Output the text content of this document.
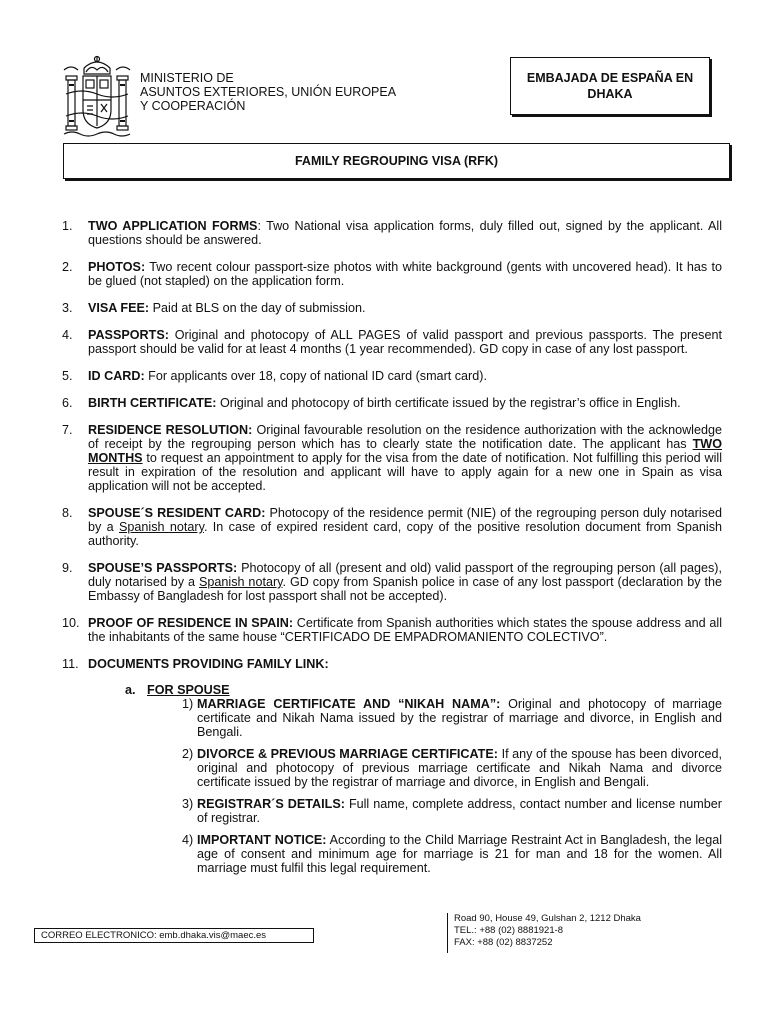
MINISTERIO DE
ASUNTOS EXTERIORES, UNIÓN EUROPEA
Y COOPERACIÓN
EMBAJADA DE ESPAÑA EN
DHAKA
FAMILY REGROUPING VISA (RFK)
1. TWO APPLICATION FORMS: Two National visa application forms, duly filled out, signed by the applicant. All questions should be answered.
2. PHOTOS: Two recent colour passport-size photos with white background (gents with uncovered head). It has to be glued (not stapled) on the application form.
3. VISA FEE: Paid at BLS on the day of submission.
4. PASSPORTS: Original and photocopy of ALL PAGES of valid passport and previous passports. The present passport should be valid for at least 4 months (1 year recommended). GD copy in case of any lost passport.
5. ID CARD: For applicants over 18, copy of national ID card (smart card).
6. BIRTH CERTIFICATE: Original and photocopy of birth certificate issued by the registrar’s office in English.
7. RESIDENCE RESOLUTION: Original favourable resolution on the residence authorization with the acknowledge of receipt by the regrouping person which has to clearly state the notification date. The applicant has TWO MONTHS to request an appointment to apply for the visa from the date of notification. Not fulfilling this period will result in expiration of the resolution and applicant will have to apply again for a new one in Spain as visa application will not be accepted.
8. SPOUSE´S RESIDENT CARD: Photocopy of the residence permit (NIE) of the regrouping person duly notarised by a Spanish notary. In case of expired resident card, copy of the positive resolution document from Spanish authority.
9. SPOUSE’S PASSPORTS: Photocopy of all (present and old) valid passport of the regrouping person (all pages), duly notarised by a Spanish notary. GD copy from Spanish police in case of any lost passport (declaration by the Embassy of Bangladesh for lost passport shall not be accepted).
10. PROOF OF RESIDENCE IN SPAIN: Certificate from Spanish authorities which states the spouse address and all the inhabitants of the same house “CERTIFICADO DE EMPADROMANIENTO COLECTIVO”.
11. DOCUMENTS PROVIDING FAMILY LINK:
a. FOR SPOUSE
1) MARRIAGE CERTIFICATE AND “NIKAH NAMA”: Original and photocopy of marriage certificate and Nikah Nama issued by the registrar of marriage and divorce, in English and Bengali.
2) DIVORCE & PREVIOUS MARRIAGE CERTIFICATE: If any of the spouse has been divorced, original and photocopy of previous marriage certificate and Nikah Nama and divorce certificate issued by the registrar of marriage and divorce, in English and Bengali.
3) REGISTRAR´S DETAILS: Full name, complete address, contact number and license number of registrar.
4) IMPORTANT NOTICE: According to the Child Marriage Restraint Act in Bangladesh, the legal age of consent and minimum age for marriage is 21 for man and 18 for the women. All marriage must fulfil this legal requirement.
CORREO ELECTRONICO: emb.dhaka.vis@maec.es
Road 90, House 49, Gulshan 2, 1212 Dhaka
TEL.: +88 (02) 8881921-8
FAX: +88 (02) 8837252
